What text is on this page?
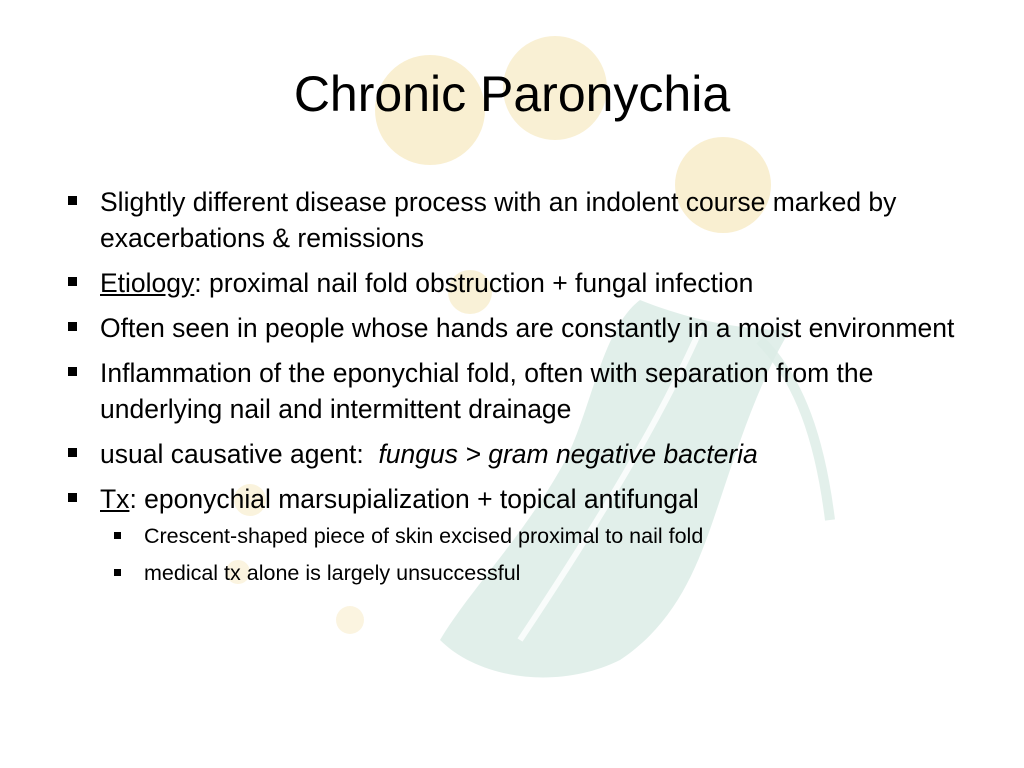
Chronic Paronychia
Slightly different disease process with an indolent course marked by exacerbations & remissions
Etiology: proximal nail fold obstruction + fungal infection
Often seen in people whose hands are constantly in a moist environment
Inflammation of the eponychial fold, often with separation from the underlying nail and intermittent drainage
usual causative agent:  fungus > gram negative bacteria
Tx: eponychial marsupialization + topical antifungal
Crescent-shaped piece of skin excised proximal to nail fold
medical tx alone is largely unsuccessful
